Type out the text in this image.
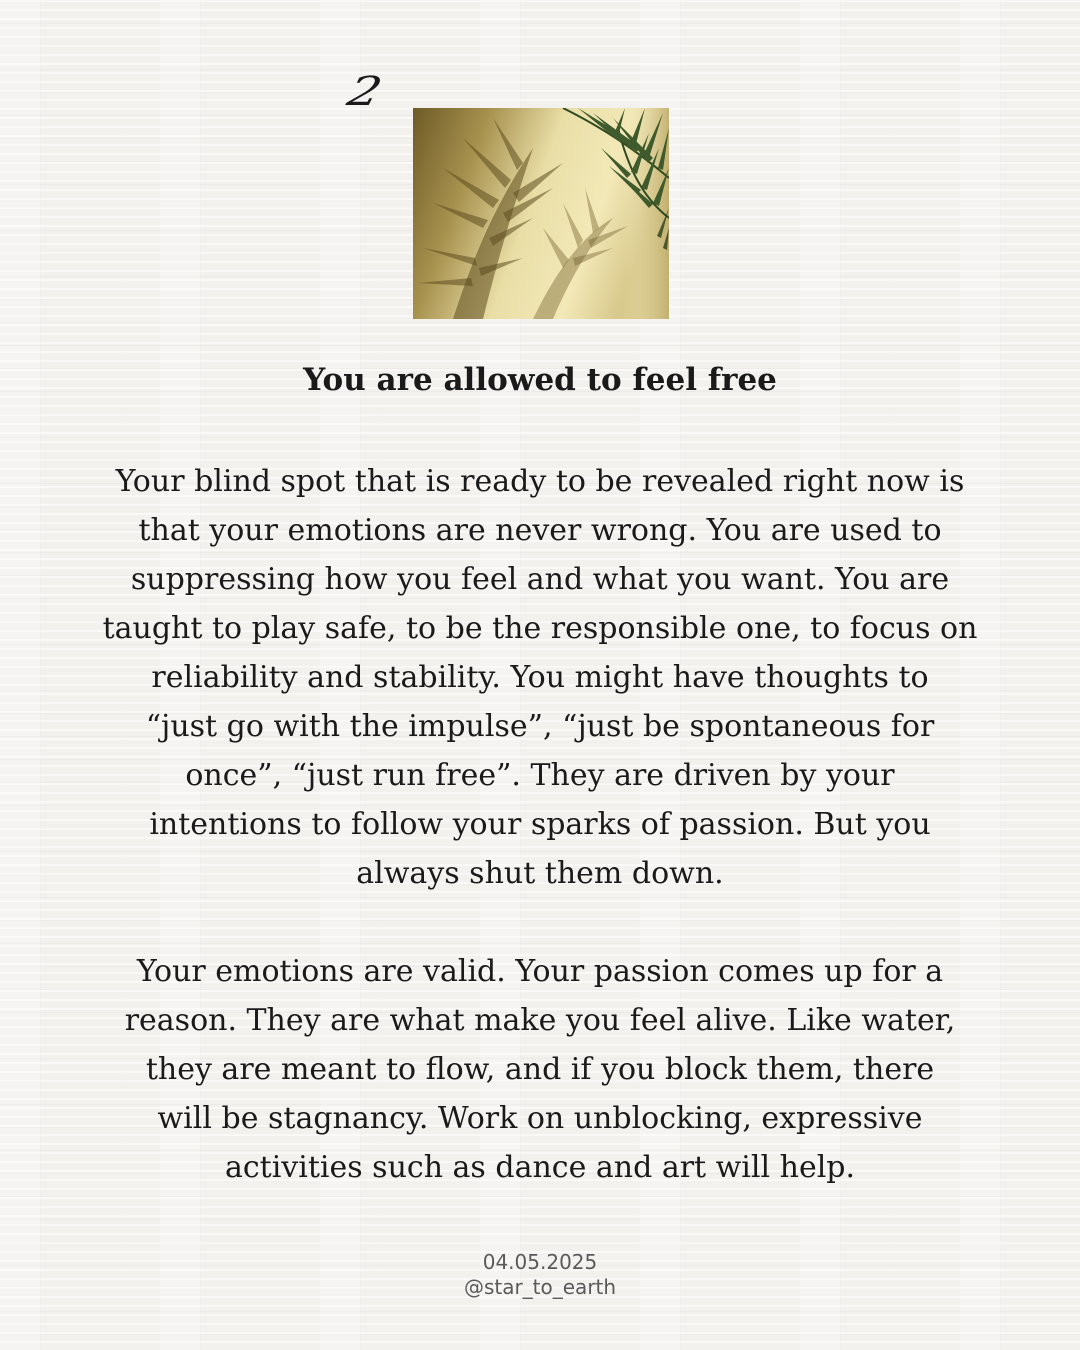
2
You are allowed to feel free

Your blind spot that is ready to be revealed right now is
that your emotions are never wrong. You are used to
suppressing how you feel and what you want. You are
taught to play safe, to be the responsible one, to focus on
reliability and stability. You might have thoughts to
“just go with the impulse”, “just be spontaneous for
once”, “just run free”. They are driven by your
intentions to follow your sparks of passion. But you
always shut them down.

Your emotions are valid. Your passion comes up for a
reason. They are what make you feel alive. Like water,
they are meant to flow, and if you block them, there
will be stagnancy. Work on unblocking, expressive
activities such as dance and art will help.

04.05.2025
@star_to_earth
